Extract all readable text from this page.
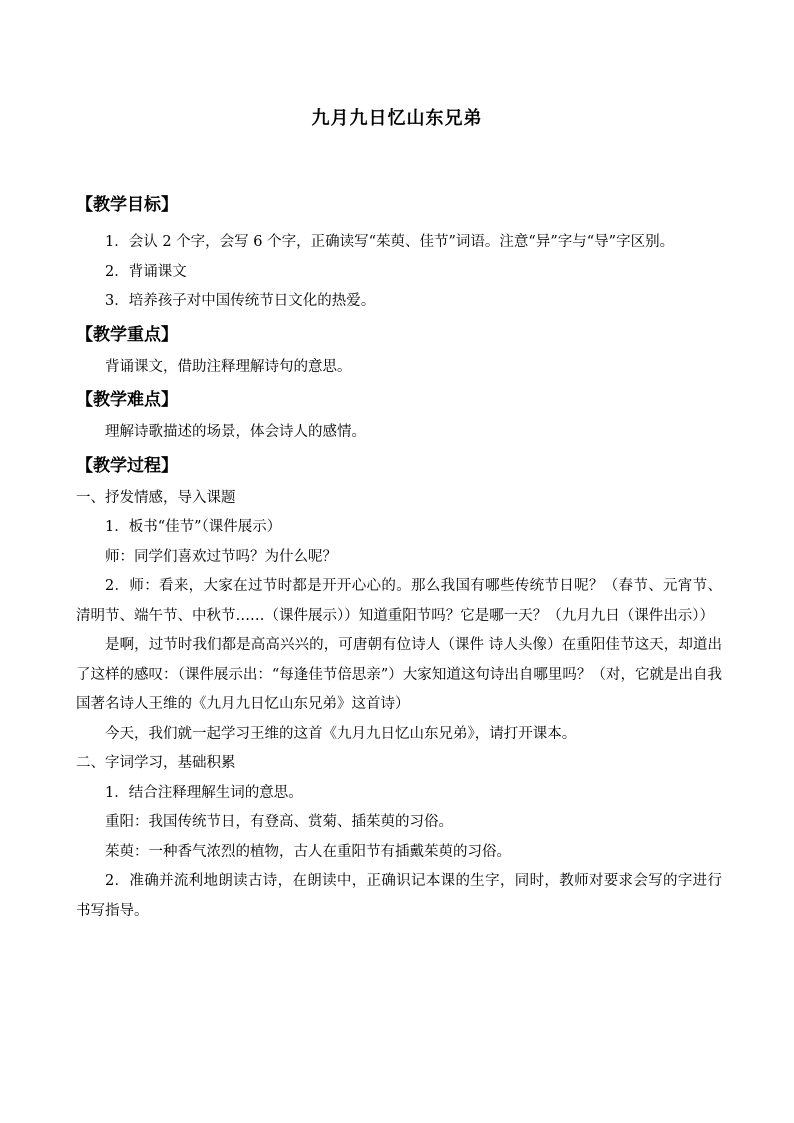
九月九日忆山东兄弟
【教学目标】

1．会认 2 个字，会写 6 个字，正确读写“茱萸、佳节”词语。注意“异”字与“导”字区别。

2．背诵课文

3．培养孩子对中国传统节日文化的热爱。

【教学重点】

背诵课文，借助注释理解诗句的意思。

【教学难点】

理解诗歌描述的场景，体会诗人的感情。

【教学过程】

一、抒发情感，导入课题

1．板书“佳节”（课件展示）

师：同学们喜欢过节吗？为什么呢？

2．师：看来，大家在过节时都是开开心心的。那么我国有哪些传统节日呢？（春节、元宵节、清明节、端午节、中秋节……（课件展示））知道重阳节吗？它是哪一天？（九月九日（课件出示））

是啊，过节时我们都是高高兴兴的，可唐朝有位诗人（课件 诗人头像）在重阳佳节这天，却道出了这样的感叹：（课件展示出：“每逢佳节倍思亲”）大家知道这句诗出自哪里吗？（对，它就是出自我国著名诗人王维的《九月九日忆山东兄弟》这首诗）

今天，我们就一起学习王维的这首《九月九日忆山东兄弟》，请打开课本。

二、字词学习，基础积累

1．结合注释理解生词的意思。

重阳：我国传统节日，有登高、赏菊、插茱萸的习俗。

茱萸：一种香气浓烈的植物，古人在重阳节有插戴茱萸的习俗。

2．准确并流利地朗读古诗，在朗读中，正确识记本课的生字，同时，教师对要求会写的字进行书写指导。
